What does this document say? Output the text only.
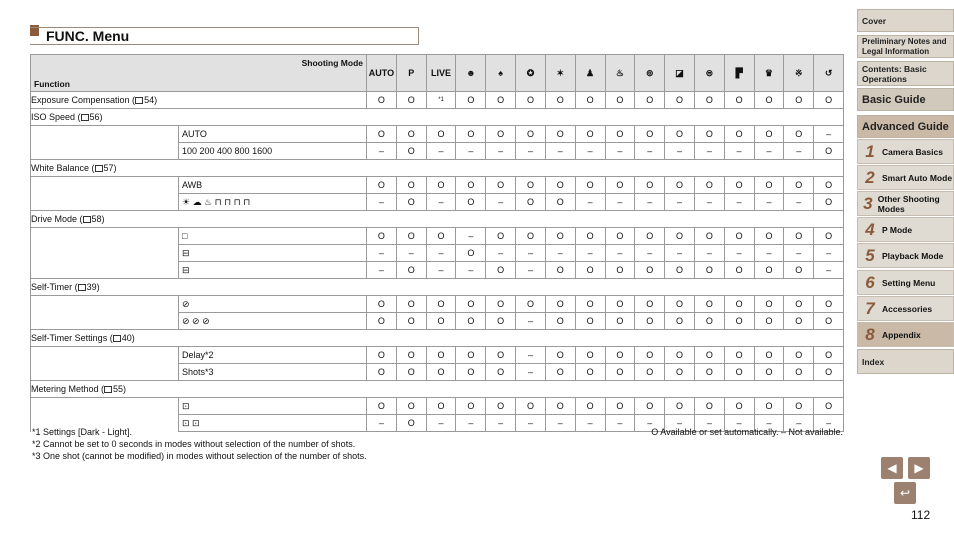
FUNC. Menu
Shooting Mode
Function		AUTO	P	LIVE	☻	♠	✪	✶	♟	♨	⊚	◪	⊜	▛	♛	※	↺
Exposure Compensation ( 54)		O	O	*1	O	O	O	O	O	O	O	O	O	O	O	O	O
ISO Speed ( 56)																	
	AUTO	O	O	O	O	O	O	O	O	O	O	O	O	O	O	O	–
	100 200 400 800 1600	–	O	–	–	–	–	–	–	–	–	–	–	–	–	–	O
White Balance ( 57)																	
	AWB	O	O	O	O	O	O	O	O	O	O	O	O	O	O	O	O
	☀ ☁ ♨ ⊓ ⊓ ⊓ ⊓	–	O	–	O	–	O	O	–	–	–	–	–	–	–	–	O
Drive Mode ( 58)																	
	□	O	O	O	–	O	O	O	O	O	O	O	O	O	O	O	O
	⊟	–	–	–	O	–	–	–	–	–	–	–	–	–	–	–	–
	⊟	–	O	–	–	O	–	O	O	O	O	O	O	O	O	O	–
Self-Timer ( 39)																	
	⊘	O	O	O	O	O	O	O	O	O	O	O	O	O	O	O	O
	⊘ ⊘ ⊘	O	O	O	O	O	–	O	O	O	O	O	O	O	O	O	O
Self-Timer Settings ( 40)																	
	Delay*2	O	O	O	O	O	–	O	O	O	O	O	O	O	O	O	O
	Shots*3	O	O	O	O	O	–	O	O	O	O	O	O	O	O	O	O
Metering Method ( 55)																	
	⊡	O	O	O	O	O	O	O	O	O	O	O	O	O	O	O	O
	⊡ ⊡	–	O	–	–	–	–	–	–	–	–	–	–	–	–	–	–
*1 Settings [Dark - Light].
*2 Cannot be set to 0 seconds in modes without selection of the number of shots.
*3 One shot (cannot be modified) in modes without selection of the number of shots.
O Available or set automatically. – Not available.
Cover
Preliminary Notes and Legal Information
Contents: Basic Operations
Basic Guide
Advanced Guide
1 Camera Basics
2 Smart Auto Mode
3 Other Shooting Modes
4 P Mode
5 Playback Mode
6 Setting Menu
7 Accessories
8 Appendix
Index
◀	▶
↩
112
